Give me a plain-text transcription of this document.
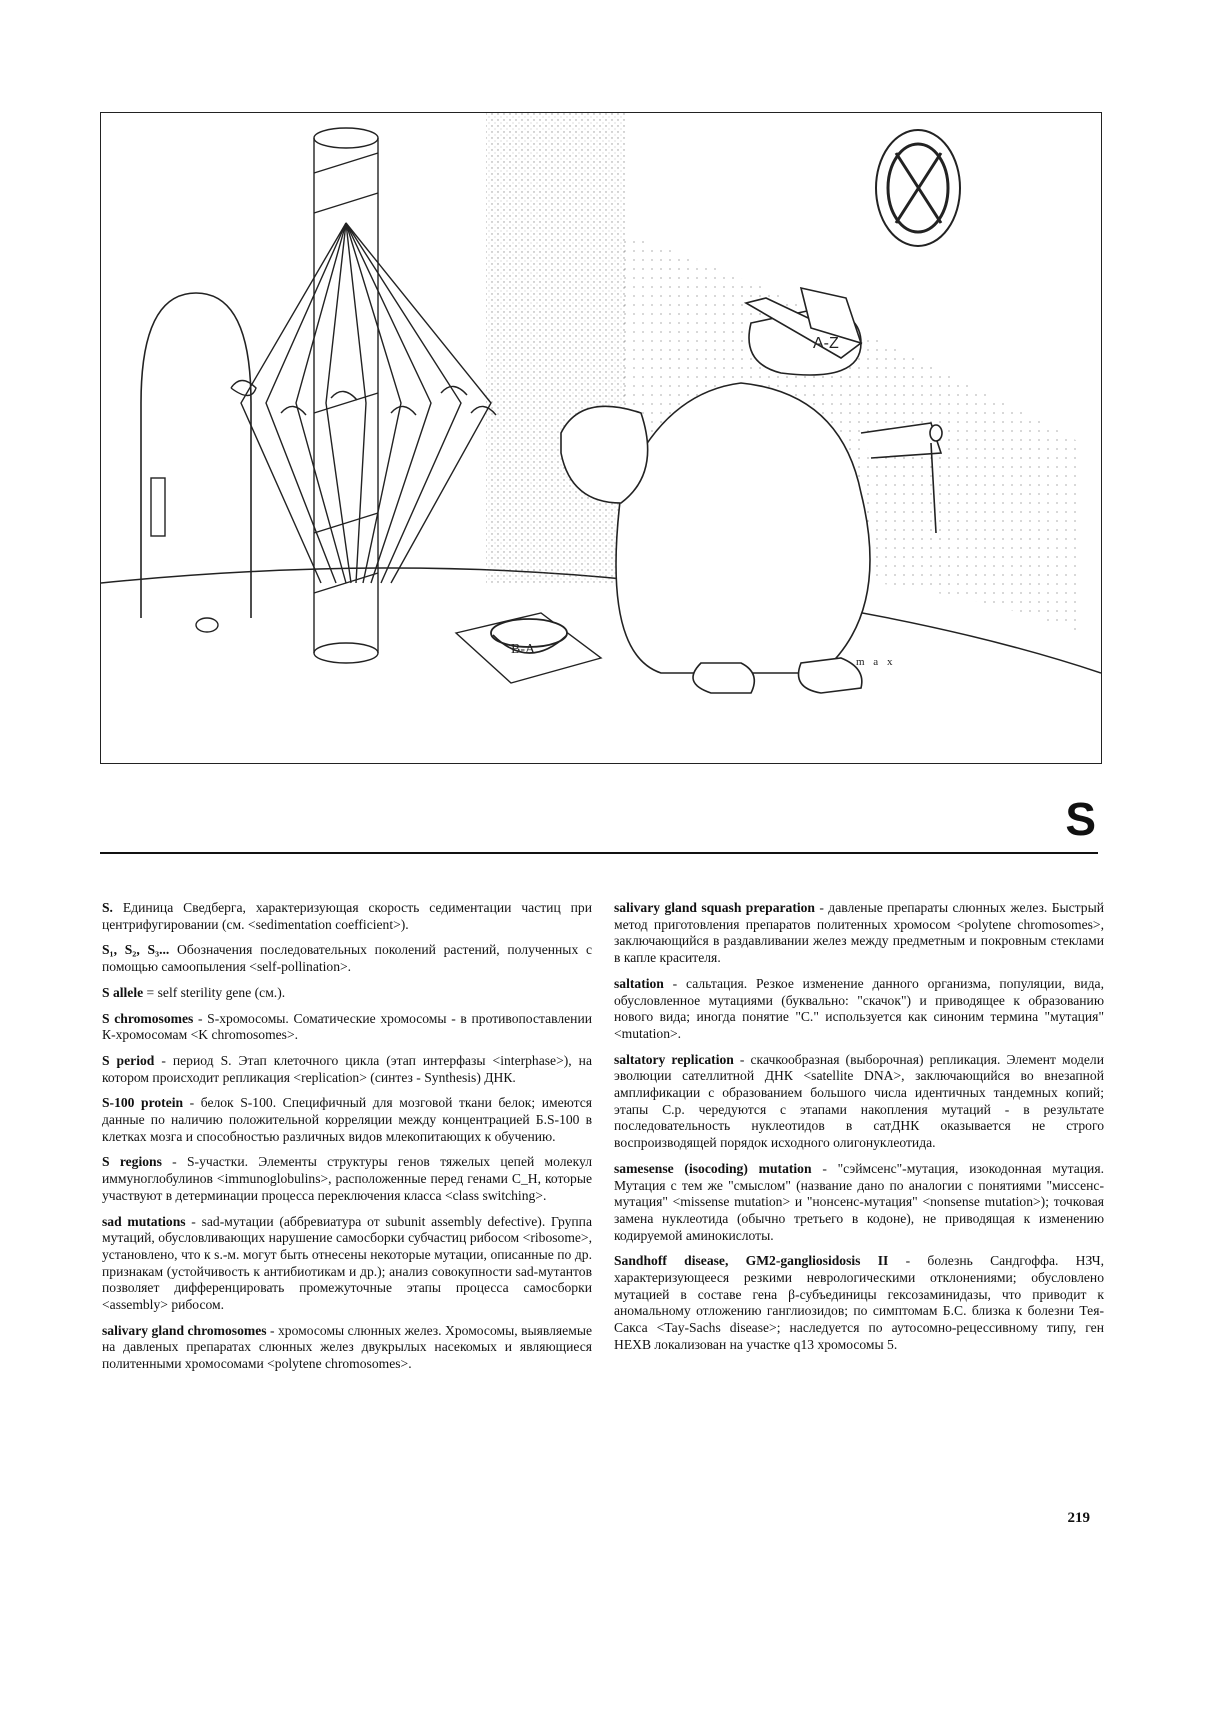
B-A
A-Z
m a x
S

S. Единица Сведберга, характеризующая скорость седиментации частиц при центрифугировании (см. <sedimentation coefficient>).

S₁, S₂, S₃... Обозначения последовательных поколений растений, полученных с помощью самоопыления <self-pollination>.

S allele = self sterility gene (см.).

S chromosomes - S-хромосомы. Соматические хромосомы - в противопоставлении К-хромосомам <K chromosomes>.

S period - период S. Этап клеточного цикла (этап интерфазы <interphase>), на котором происходит репликация <replication> (синтез - Synthesis) ДНК.

S-100 protein - белок S-100. Специфичный для мозговой ткани белок; имеются данные по наличию положительной корреляции между концентрацией Б.S-100 в клетках мозга и способностью различных видов млекопитающих к обучению.

S regions - S-участки. Элементы структуры генов тяжелых цепей молекул иммуноглобулинов <immunoglobulins>, расположенные перед генами C_H, которые участвуют в детерминации процесса переключения класса <class switching>.

sad mutations - sad-мутации (аббревиатура от subunit assembly defective). Группа мутаций, обусловливающих нарушение самосборки субчастиц рибосом <ribosome>, установлено, что к s.-м. могут быть отнесены некоторые мутации, описанные по др. признакам (устойчивость к антибиотикам и др.); анализ совокупности sad-мутантов позволяет дифференцировать промежуточные этапы процесса самосборки <assembly> рибосом.

salivary gland chromosomes - хромосомы слюнных желез. Хромосомы, выявляемые на давленых препаратах слюнных желез двукрылых насекомых и являющиеся политенными хромосомами <polytene chromosomes>.

salivary gland squash preparation - давленые препараты слюнных желез. Быстрый метод приготовления препаратов политенных хромосом <polytene chromosomes>, заключающийся в раздавливании желез между предметным и покровным стеклами в капле красителя.

saltation - сальтация. Резкое изменение данного организма, популяции, вида, обусловленное мутациями (буквально: "скачок") и приводящее к образованию нового вида; иногда понятие "С." используется как синоним термина "мутация" <mutation>.

saltatory replication - скачкообразная (выборочная) репликация. Элемент модели эволюции сателлитной ДНК <satellite DNA>, заключающийся во внезапной амплификации с образованием большого числа идентичных тандемных копий; этапы С.р. чередуются с этапами накопления мутаций - в результате последовательность нуклеотидов в сатДНК оказывается не строго воспроизводящей порядок исходного олигонуклеотида.

samesense (isocoding) mutation - "сэймсенс"-мутация, изокодонная мутация. Мутация с тем же "смыслом" (название дано по аналогии с понятиями "миссенс-мутация" <missense mutation> и "нонсенс-мутация" <nonsense mutation>); точковая замена нуклеотида (обычно третьего в кодоне), не приводящая к изменению кодируемой аминокислоты.

Sandhoff disease, GM2-gangliosidosis II - болезнь Сандгоффа. НЗЧ, характеризующееся резкими неврологическими отклонениями; обусловлено мутацией в составе гена β-субъединицы гексозаминидазы, что приводит к аномальному отложению ганглиозидов; по симптомам Б.С. близка к болезни Тея-Сакса <Tay-Sachs disease>; наследуется по аутосомно-рецессивному типу, ген HEXB локализован на участке q13 хромосомы 5.

219
